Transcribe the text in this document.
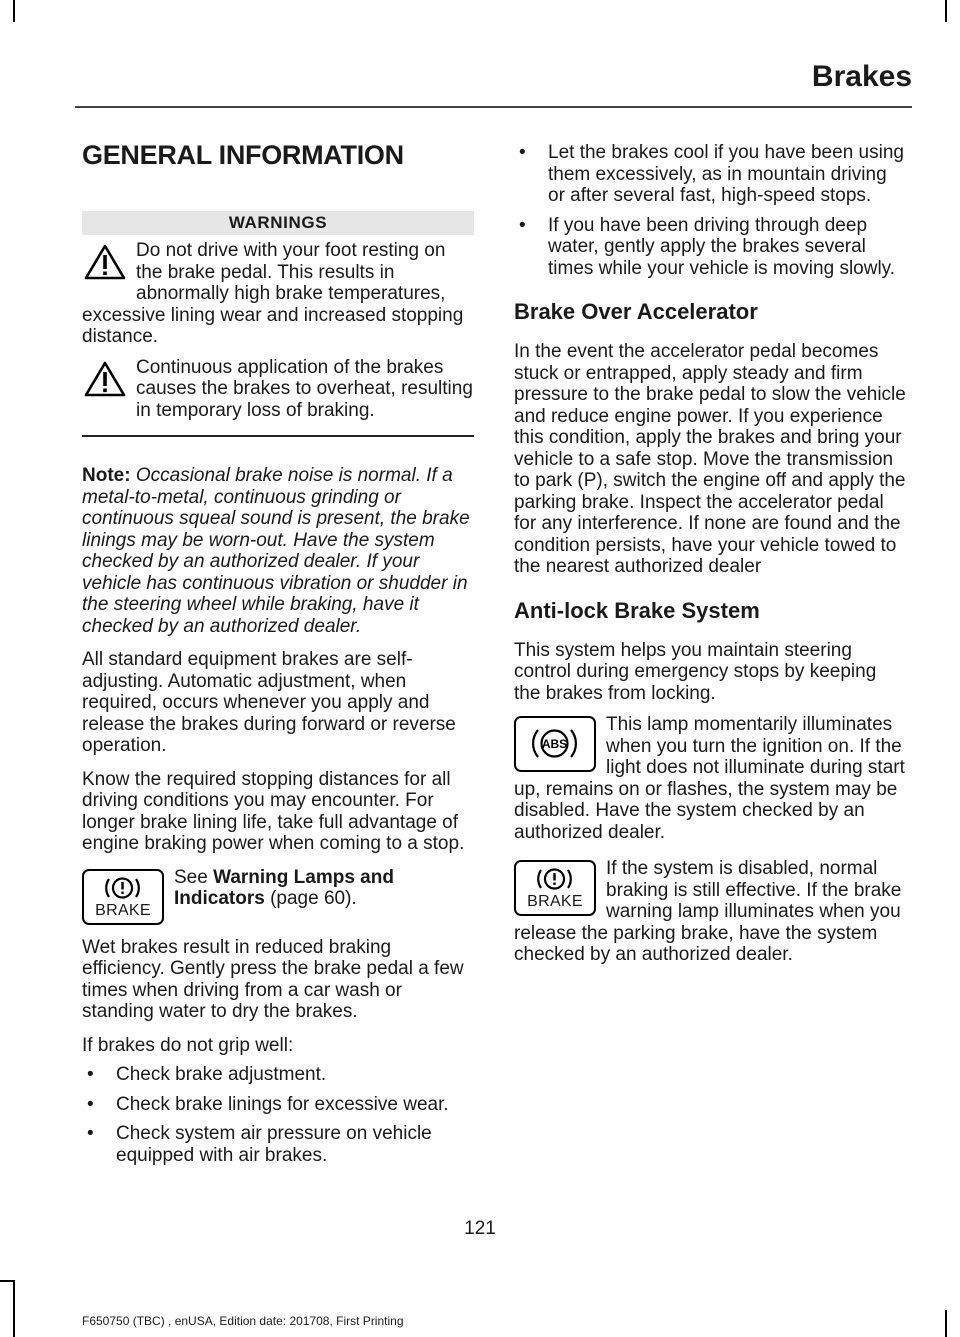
Brakes
GENERAL INFORMATION
WARNINGS

Do not drive with your foot resting on the brake pedal. This results in abnormally high brake temperatures, excessive lining wear and increased stopping distance.

Continuous application of the brakes causes the brakes to overheat, resulting in temporary loss of braking.

Note: Occasional brake noise is normal. If a metal-to-metal, continuous grinding or continuous squeal sound is present, the brake linings may be worn-out. Have the system checked by an authorized dealer. If your vehicle has continuous vibration or shudder in the steering wheel while braking, have it checked by an authorized dealer.

All standard equipment brakes are self-adjusting. Automatic adjustment, when required, occurs whenever you apply and release the brakes during forward or reverse operation.

Know the required stopping distances for all driving conditions you may encounter. For longer brake lining life, take full advantage of engine braking power when coming to a stop.

BRAKE

See Warning Lamps and Indicators (page 60).

Wet brakes result in reduced braking efficiency. Gently press the brake pedal a few times when driving from a car wash or standing water to dry the brakes.

If brakes do not grip well:

• Check brake adjustment.
• Check brake linings for excessive wear.
• Check system air pressure on vehicle equipped with air brakes.
• Let the brakes cool if you have been using them excessively, as in mountain driving or after several fast, high-speed stops.
• If you have been driving through deep water, gently apply the brakes several times while your vehicle is moving slowly.
Brake Over Accelerator

In the event the accelerator pedal becomes stuck or entrapped, apply steady and firm pressure to the brake pedal to slow the vehicle and reduce engine power. If you experience this condition, apply the brakes and bring your vehicle to a safe stop. Move the transmission to park (P), switch the engine off and apply the parking brake. Inspect the accelerator pedal for any interference. If none are found and the condition persists, have your vehicle towed to the nearest authorized dealer

Anti-lock Brake System

This system helps you maintain steering control during emergency stops by keeping the brakes from locking.

ABS

This lamp momentarily illuminates when you turn the ignition on. If the light does not illuminate during start up, remains on or flashes, the system may be disabled. Have the system checked by an authorized dealer.

BRAKE

If the system is disabled, normal braking is still effective. If the brake warning lamp illuminates when you release the parking brake, have the system checked by an authorized dealer.

121
F650750 (TBC) , enUSA, Edition date: 201708, First Printing
